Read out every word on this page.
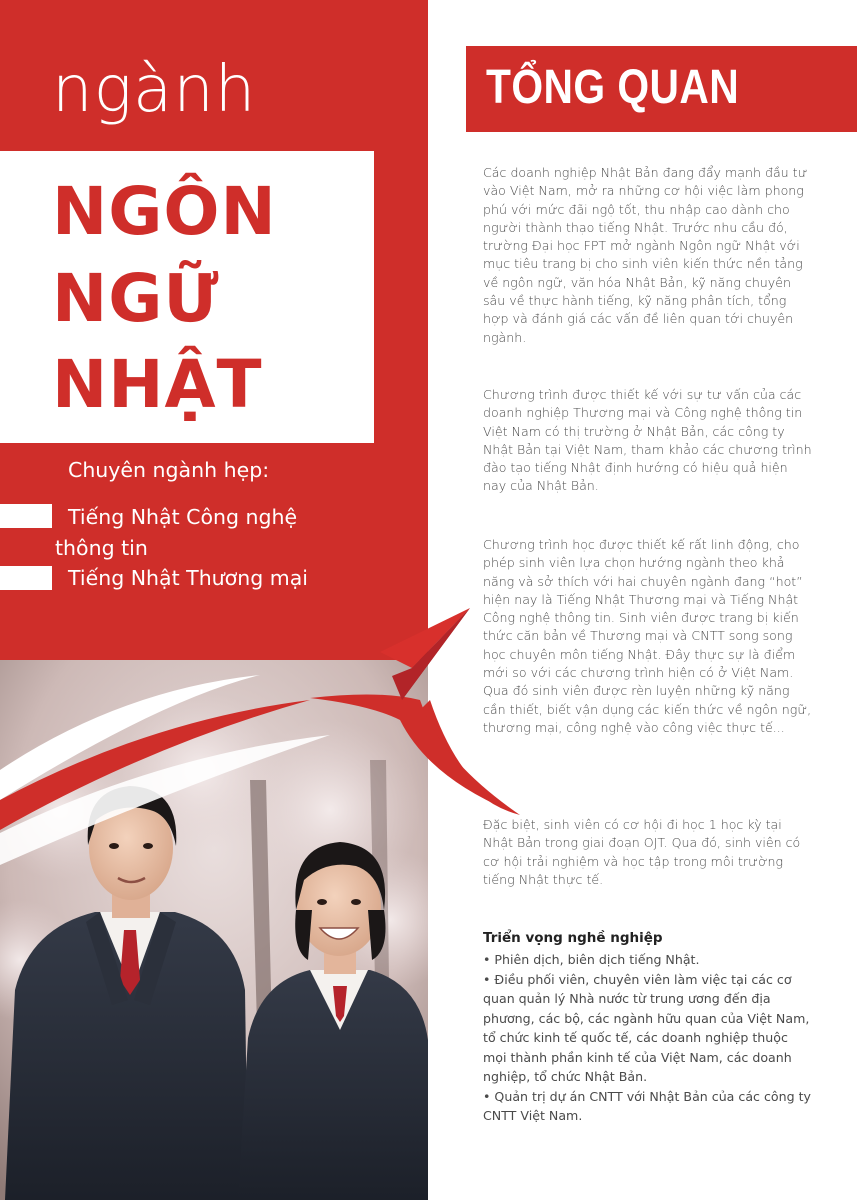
ngành

NGÔN

NGỮ

NHẬT

Chuyên ngành hẹp:

Tiếng Nhật Công nghệ

thông tin

Tiếng Nhật Thương mại

TỔNG QUAN

Các doanh nghiệp Nhật Bản đang đẩy mạnh đầu tư vào Việt Nam, mở ra những cơ hội việc làm phong phú với mức đãi ngộ tốt, thu nhập cao dành cho người thành thạo tiếng Nhật. Trước nhu cầu đó, trường Đại học FPT mở ngành Ngôn ngữ Nhật với mục tiêu trang bị cho sinh viên kiến thức nền tảng về ngôn ngữ, văn hóa Nhật Bản, kỹ năng chuyên sâu về thực hành tiếng, kỹ năng phân tích, tổng hợp và đánh giá các vấn đề liên quan tới chuyên ngành.

Chương trình được thiết kế với sự tư vấn của các doanh nghiệp Thương mại và Công nghệ thông tin Việt Nam có thị trường ở Nhật Bản, các công ty Nhật Bản tại Việt Nam, tham khảo các chương trình đào tạo tiếng Nhật định hướng có hiệu quả hiện nay của Nhật Bản.

Chương trình học được thiết kế rất linh động, cho phép sinh viên lựa chọn hướng ngành theo khả năng và sở thích với hai chuyên ngành đang “hot” hiện nay là Tiếng Nhật Thương mại và Tiếng Nhật Công nghệ thông tin. Sinh viên được trang bị kiến thức căn bản về Thương mại và CNTT song song học chuyên môn tiếng Nhật. Đây thực sự là điểm mới so với các chương trình hiện có ở Việt Nam. Qua đó sinh viên được rèn luyện những kỹ năng cần thiết, biết vận dụng các kiến thức về ngôn ngữ, thương mại, công nghệ vào công việc thực tế...

Đặc biệt, sinh viên có cơ hội đi học 1 học kỳ tại Nhật Bản trong giai đoạn OJT. Qua đó, sinh viên có cơ hội trải nghiệm và học tập trong môi trường tiếng Nhật thực tế.

Triển vọng nghề nghiệp

• Phiên dịch, biên dịch tiếng Nhật.
• Điều phối viên, chuyên viên làm việc tại các cơ quan quản lý Nhà nước từ trung ương đến địa phương, các bộ, các ngành hữu quan của Việt Nam, tổ chức kinh tế quốc tế, các doanh nghiệp thuộc mọi thành phần kinh tế của Việt Nam, các doanh nghiệp, tổ chức Nhật Bản.
• Quản trị dự án CNTT với Nhật Bản của các công ty CNTT Việt Nam.
